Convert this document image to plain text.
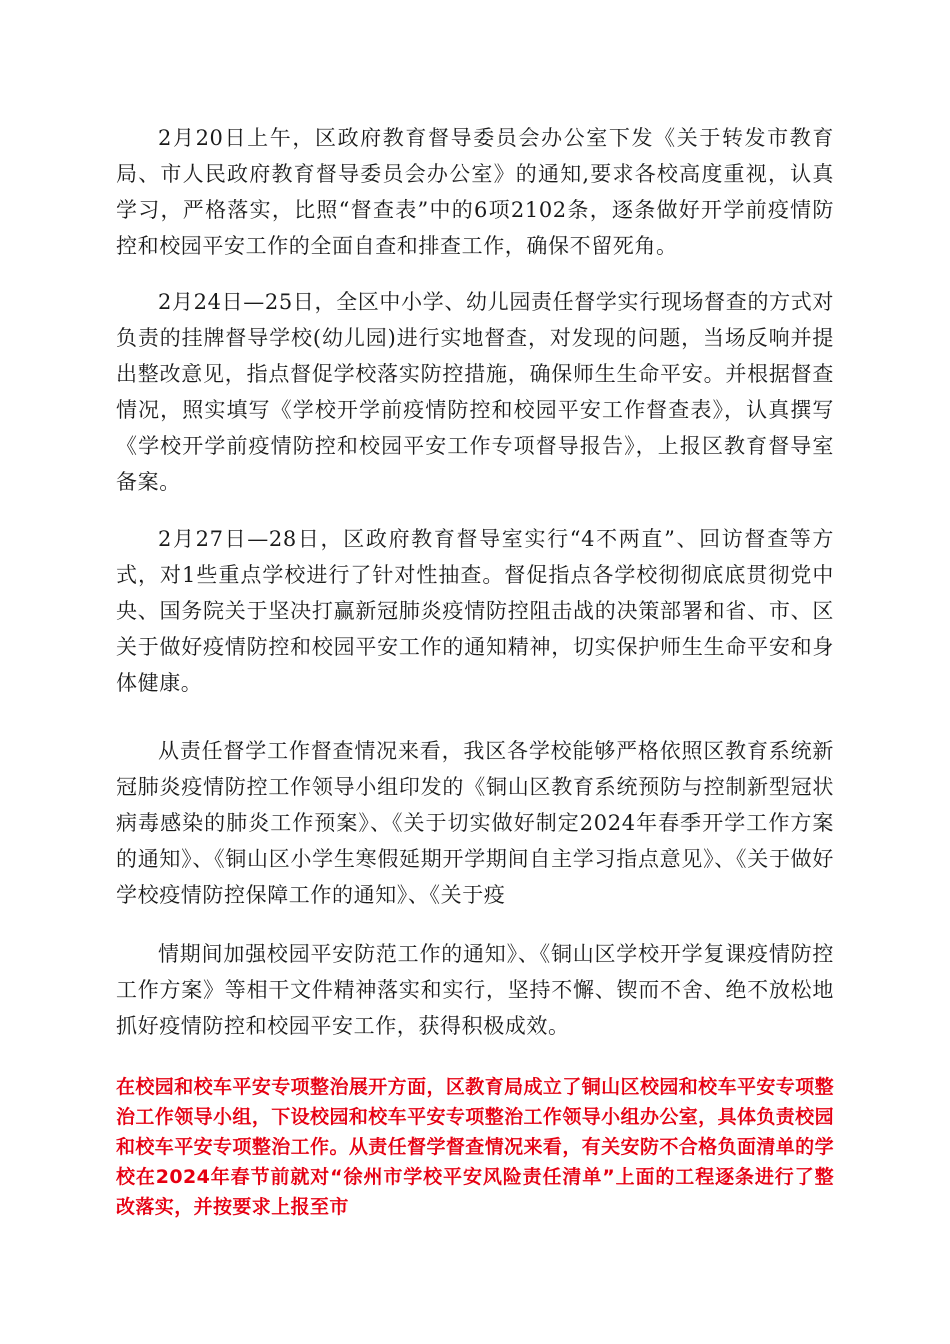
2月20日上午，区政府教育督导委员会办公室下发《关于转发市教育局、市人民政府教育督导委员会办公室》的通知,要求各校高度重视，认真学习，严格落实，比照“督查表”中的6项2102条，逐条做好开学前疫情防控和校园平安工作的全面自查和排查工作，确保不留死角。

2月24日—25日，全区中小学、幼儿园责任督学实行现场督查的方式对负责的挂牌督导学校(幼儿园)进行实地督查，对发现的问题，当场反响并提出整改意见，指点督促学校落实防控措施，确保师生生命平安。并根据督查情况，照实填写《学校开学前疫情防控和校园平安工作督查表》，认真撰写《学校开学前疫情防控和校园平安工作专项督导报告》，上报区教育督导室备案。

2月27日—28日，区政府教育督导室实行“4不两直”、回访督查等方式，对1些重点学校进行了针对性抽查。督促指点各学校彻彻底底贯彻党中央、国务院关于坚决打赢新冠肺炎疫情防控阻击战的决策部署和省、市、区关于做好疫情防控和校园平安工作的通知精神，切实保护师生生命平安和身体健康。

从责任督学工作督查情况来看，我区各学校能够严格依照区教育系统新冠肺炎疫情防控工作领导小组印发的《铜山区教育系统预防与控制新型冠状病毒感染的肺炎工作预案》、《关于切实做好制定2024年春季开学工作方案的通知》、《铜山区小学生寒假延期开学期间自主学习指点意见》、《关于做好学校疫情防控保障工作的通知》、《关于疫

情期间加强校园平安防范工作的通知》、《铜山区学校开学复课疫情防控工作方案》等相干文件精神落实和实行，坚持不懈、锲而不舍、绝不放松地抓好疫情防控和校园平安工作，获得积极成效。

在校园和校车平安专项整治展开方面，区教育局成立了铜山区校园和校车平安专项整治工作领导小组，下设校园和校车平安专项整治工作领导小组办公室，具体负责校园和校车平安专项整治工作。从责任督学督查情况来看，有关安防不合格负面清单的学校在2024年春节前就对“徐州市学校平安风险责任清单”上面的工程逐条进行了整改落实，并按要求上报至市
